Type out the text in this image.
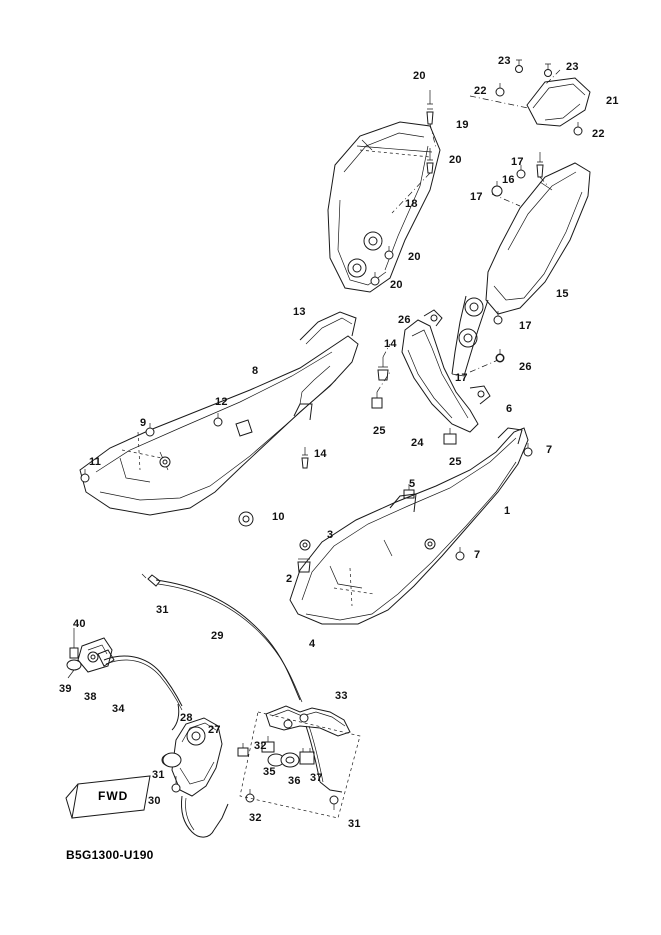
20
23	23
22
21
19
22
20	17
16
17
18
20
15
20
13
17
26
14
8	26
17
12
9
25
24
6
7
11
14
25
5
10	1
3
7
2
4
31
29
40
39
38
34
33
28
27
32
35
36 37
31
30
32	31
FWD
B5G1300-U190
